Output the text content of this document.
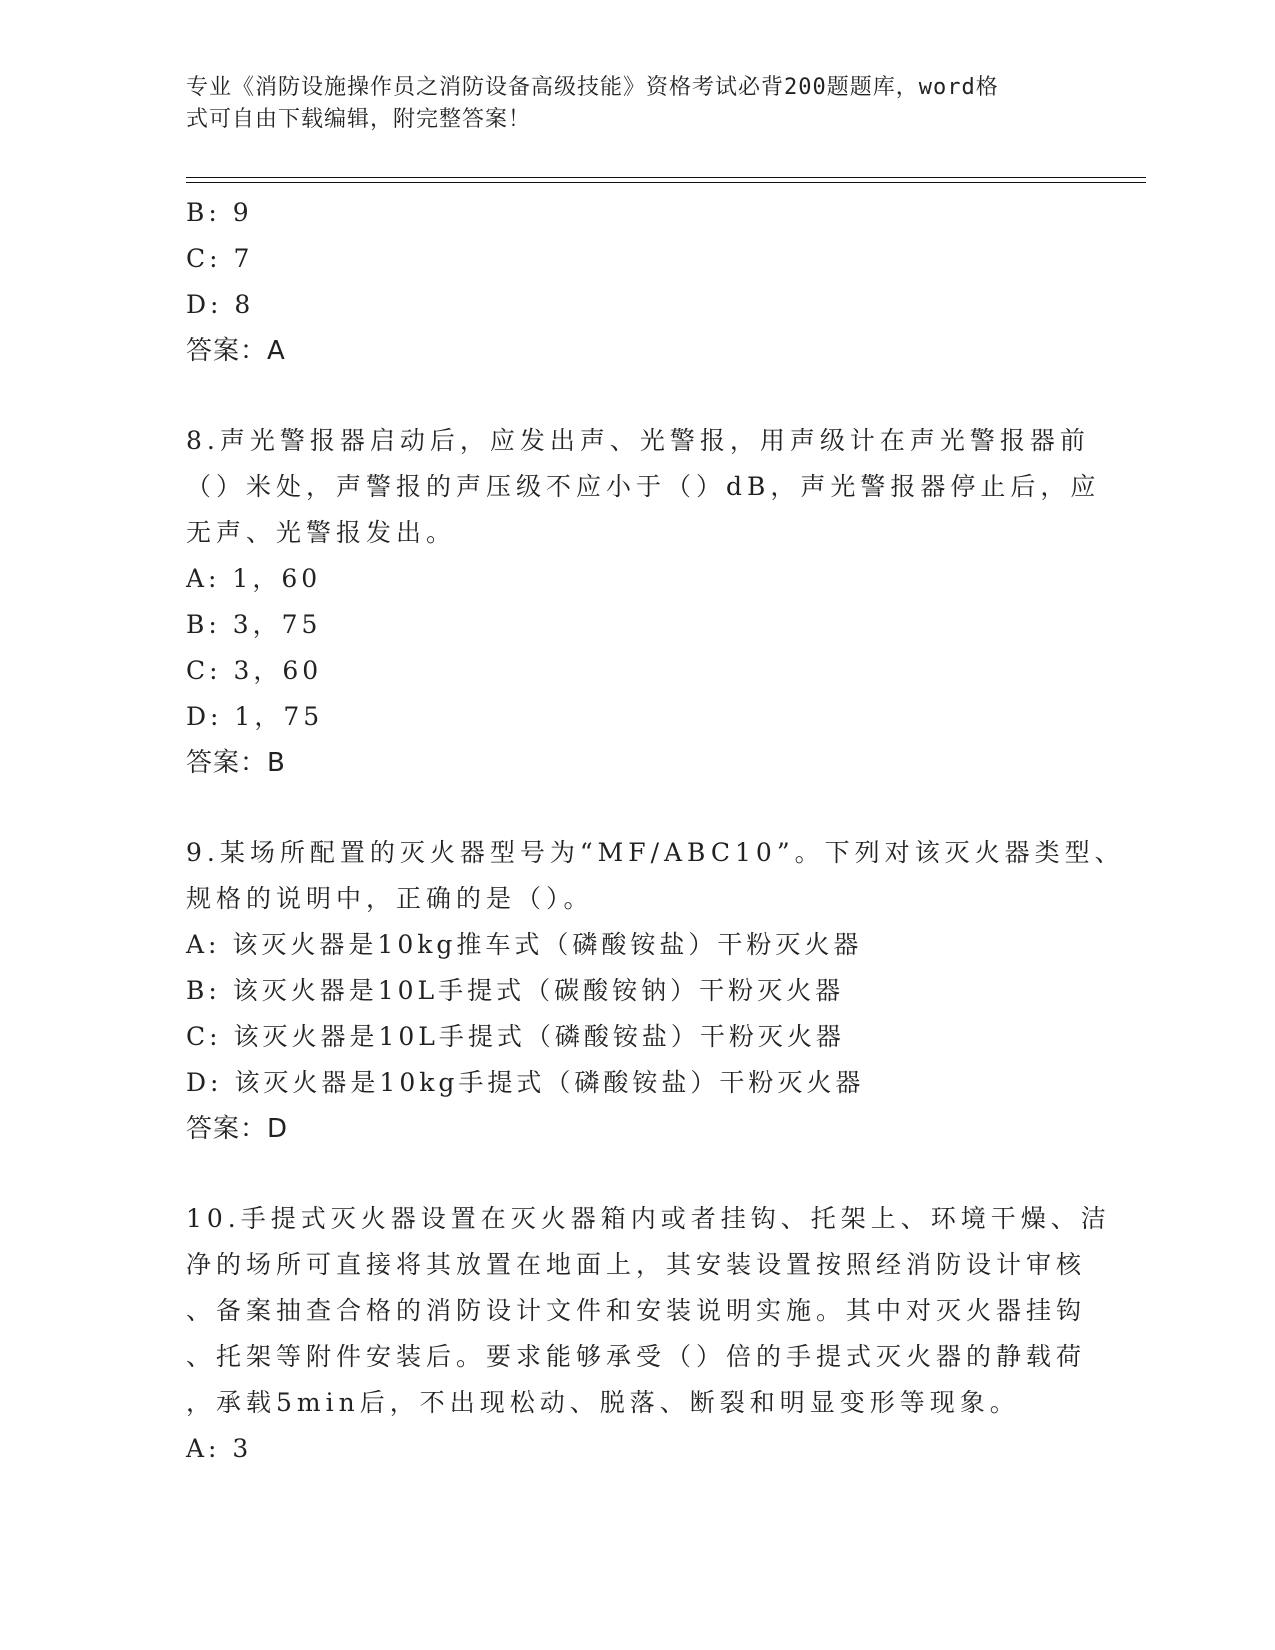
专业《消防设施操作员之消防设备高级技能》资格考试必背200题题库，word格
式可自由下载编辑，附完整答案！
B: 9
C: 7
D: 8
答案：A
8.声光警报器启动后，应发出声、光警报，用声级计在声光警报器前
（）米处，声警报的声压级不应小于（）dB，声光警报器停止后，应
无声、光警报发出。
A: 1，60
B: 3，75
C: 3，60
D: 1，75
答案：B
9.某场所配置的灭火器型号为“MF/ABC10”。下列对该灭火器类型、
规格的说明中，正确的是（）。
A: 该灭火器是10kg推车式（磷酸铵盐）干粉灭火器
B: 该灭火器是10L手提式（碳酸铵钠）干粉灭火器
C: 该灭火器是10L手提式（磷酸铵盐）干粉灭火器
D: 该灭火器是10kg手提式（磷酸铵盐）干粉灭火器
答案：D
10.手提式灭火器设置在灭火器箱内或者挂钩、托架上、环境干燥、洁
净的场所可直接将其放置在地面上，其安装设置按照经消防设计审核
、备案抽查合格的消防设计文件和安装说明实施。其中对灭火器挂钩
、托架等附件安装后。要求能够承受（）倍的手提式灭火器的静载荷
，承载5min后，不出现松动、脱落、断裂和明显变形等现象。
A: 3
